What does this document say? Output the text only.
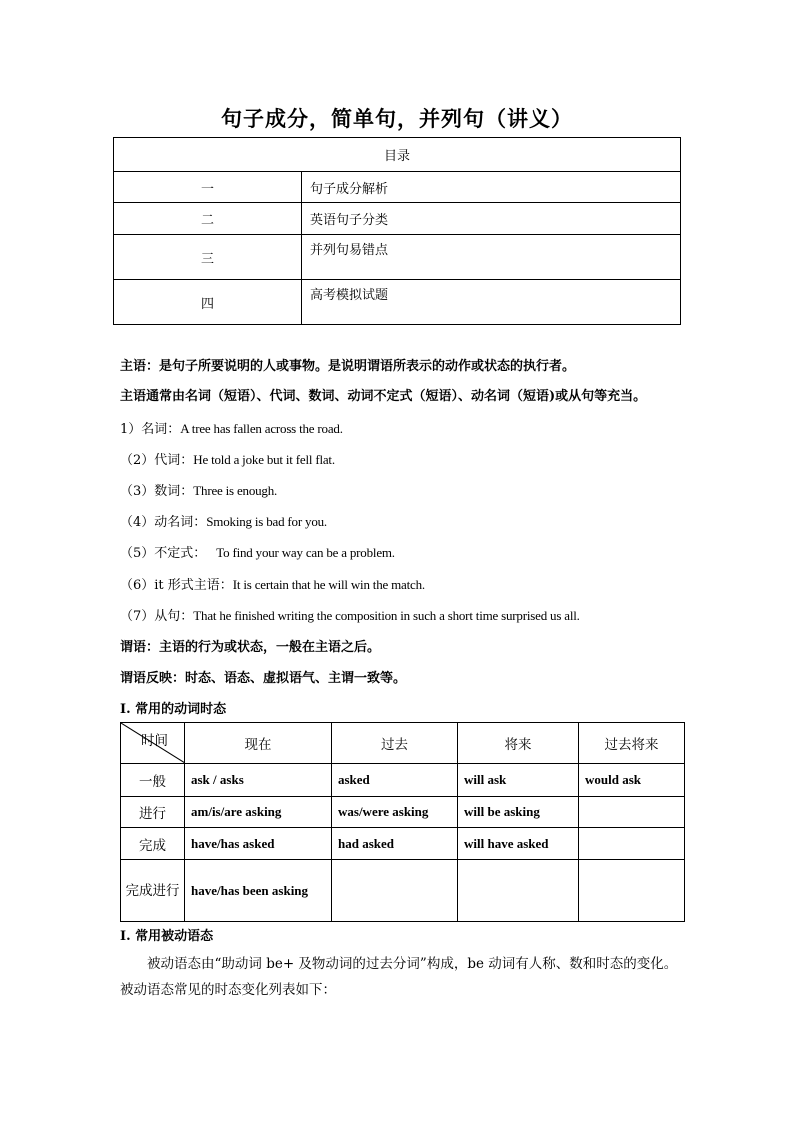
句子成分，简单句，并列句（讲义）
目录	
一	句子成分解析
二	英语句子分类
三	并列句易错点
四	高考模拟试题
主语：是句子所要说明的人或事物。是说明谓语所表示的动作或状态的执行者。
主语通常由名词（短语）、代词、数词、动词不定式（短语）、动名词（短语)或从句等充当。
1）名词：A tree has fallen across the road.
（2）代词：He told a joke but it fell flat.
（3）数词：Three is enough.
（4）动名词：Smoking is bad for you.
（5）不定式： To find your way can be a problem.
（6）it 形式主语：It is certain that he will win the match.
（7）从句：That he finished writing the composition in such a short time surprised us all.
谓语：主语的行为或状态，一般在主语之后。
谓语反映：时态、语态、虚拟语气、主谓一致等。
I. 常用的动词时态
时间	现在	过去	将来	过去将来
一般	ask / asks	asked	will ask	would ask
进行	am/is/are asking	was/were asking	will be asking	
完成	have/has asked	had asked	will have asked	
完成进行	have/has been asking			
I. 常用被动语态
被动语态由“助动词 be+ 及物动词的过去分词”构成，be 动词有人称、数和时态的变化。
被动语态常见的时态变化列表如下：
